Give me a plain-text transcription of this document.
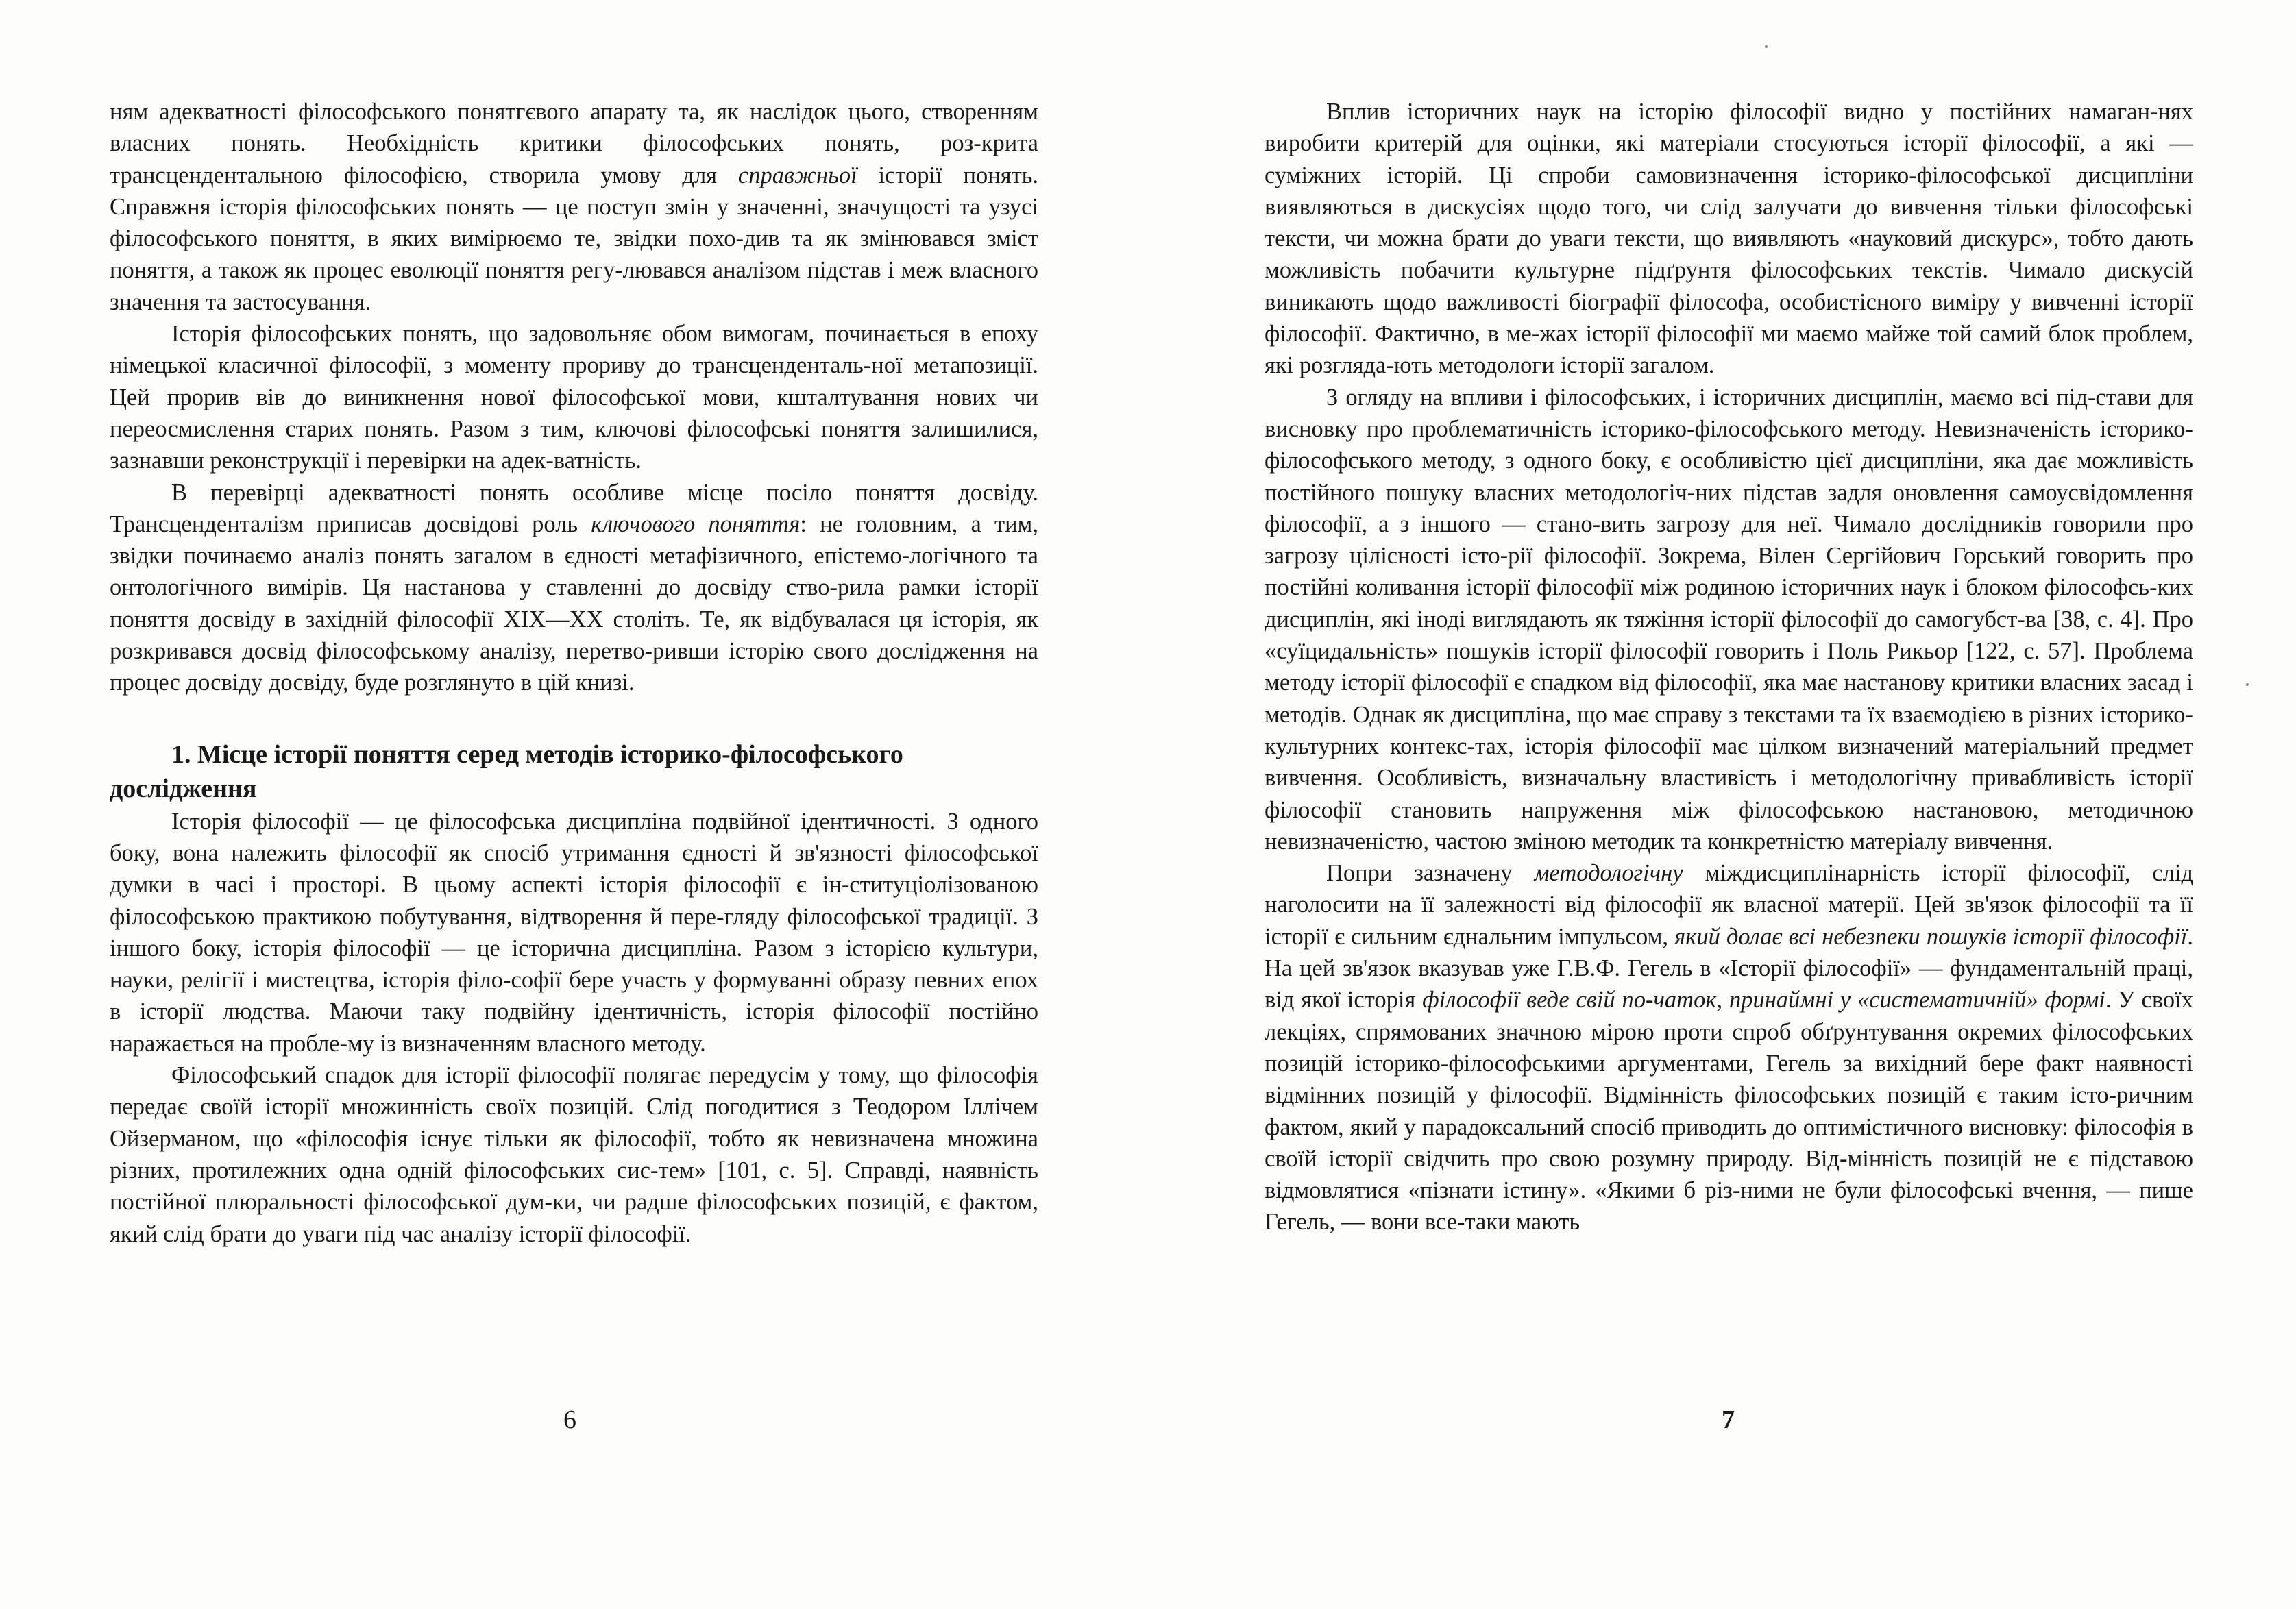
ням адекватності філософського понятгєвого апарату та, як наслідок цього, створенням власних понять. Необхідність критики філософських понять, роз-крита трансцендентальною філософією, створила умову для справжньої історії понять. Справжня історія філософських понять — це поступ змін у значенні, значущості та узусі філософського поняття, в яких вимірюємо те, звідки похо-див та як змінювався зміст поняття, а також як процес еволюції поняття регу-лювався аналізом підстав і меж власного значення та застосування.

Історія філософських понять, що задовольняє обом вимогам, починається в епоху німецької класичної філософії, з моменту прориву до трансценденталь-ної метапозиції. Цей прорив вів до виникнення нової філософської мови, кшталтування нових чи переосмислення старих понять. Разом з тим, ключові філософські поняття залишилися, зазнавши реконструкції і перевірки на адек-ватність.

В перевірці адекватності понять особливе місце посіло поняття досвіду. Трансценденталізм приписав досвідові роль ключового поняття: не головним, а тим, звідки починаємо аналіз понять загалом в єдності метафізичного, епістемо-логічного та онтологічного вимірів. Ця настанова у ставленні до досвіду ство-рила рамки історії поняття досвіду в західній філософії XIX—XX століть. Те, як відбувалася ця історія, як розкривався досвід філософському аналізу, перетво-ривши історію свого дослідження на процес досвіду досвіду, буде розглянуто в цій книзі.

1. Місце історії поняття серед методів історико-філософського дослідження

Історія філософії — це філософська дисципліна подвійної ідентичності. З одного боку, вона належить філософії як спосіб утримання єдності й зв'язності філософської думки в часі і просторі. В цьому аспекті історія філософії є ін-ституціолізованою філософською практикою побутування, відтворення й пере-гляду філософської традиції. З іншого боку, історія філософії — це історична дисципліна. Разом з історією культури, науки, релігії і мистецтва, історія філо-софії бере участь у формуванні образу певних епох в історії людства. Маючи таку подвійну ідентичність, історія філософії постійно наражається на пробле-му із визначенням власного методу.

Філософський спадок для історії філософії полягає передусім у тому, що філософія передає своїй історії множинність своїх позицій. Слід погодитися з Теодором Іллічем Ойзерманом, що «філософія існує тільки як філософії, тобто як невизначена множина різних, протилежних одна одній філософських сис-тем» [101, с. 5]. Справді, наявність постійної плюральності філософської дум-ки, чи радше філософських позицій, є фактом, який слід брати до уваги під час аналізу історії філософії.

6

Вплив історичних наук на історію філософії видно у постійних намаган-нях виробити критерій для оцінки, які матеріали стосуються історії філософії, а які — суміжних історій. Ці спроби самовизначення історико-філософської дисципліни виявляються в дискусіях щодо того, чи слід залучати до вивчення тільки філософські тексти, чи можна брати до уваги тексти, що виявляють «науковий дискурс», тобто дають можливість побачити культурне підґрунтя філософських текстів. Чимало дискусій виникають щодо важливості біографії філософа, особистісного виміру у вивченні історії філософії. Фактично, в ме-жах історії філософії ми маємо майже той самий блок проблем, які розгляда-ють методологи історії загалом.

З огляду на впливи і філософських, і історичних дисциплін, маємо всі під-стави для висновку про проблематичність історико-філософського методу. Невизначеність історико-філософського методу, з одного боку, є особливістю цієї дисципліни, яка дає можливість постійного пошуку власних методологіч-них підстав задля оновлення самоусвідомлення філософії, а з іншого — стано-вить загрозу для неї. Чимало дослідників говорили про загрозу цілісності істо-рії філософії. Зокрема, Вілен Сергійович Горський говорить про постійні коливання історії філософії між родиною історичних наук і блоком філософсь-ких дисциплін, які іноді виглядають як тяжіння історії філософії до самогубст-ва [38, с. 4]. Про «суїцидальність» пошуків історії філософії говорить і Поль Рикьор [122, с. 57]. Проблема методу історії філософії є спадком від філософії, яка має настанову критики власних засад і методів. Однак як дисципліна, що має справу з текстами та їх взаємодією в різних історико-культурних контекс-тах, історія філософії має цілком визначений матеріальний предмет вивчення. Особливість, визначальну властивість і методологічну привабливість історії філософії становить напруження між філософською настановою, методичною невизначеністю, частою зміною методик та конкретністю матеріалу вивчення.

Попри зазначену методологічну міждисциплінарність історії філософії, слід наголосити на її залежності від філософії як власної матерії. Цей зв'язок філософії та її історії є сильним єднальним імпульсом, який долає всі небезпеки пошуків історії філософії. На цей зв'язок вказував уже Г.В.Ф. Гегель в «Історії філософії» — фундаментальній праці, від якої історія філософії веде свій по-чаток, принаймні у «систематичній» формі. У своїх лекціях, спрямованих значною мірою проти спроб обґрунтування окремих філософських позицій історико-філософськими аргументами, Гегель за вихідний бере факт наявності відмінних позицій у філософії. Відмінність філософських позицій є таким істо-ричним фактом, який у парадоксальний спосіб приводить до оптимістичного висновку: філософія в своїй історії свідчить про свою розумну природу. Від-мінність позицій не є підставою відмовлятися «пізнати істину». «Якими б різ-ними не були філософські вчення, — пише Гегель, — вони все-таки мають

7
